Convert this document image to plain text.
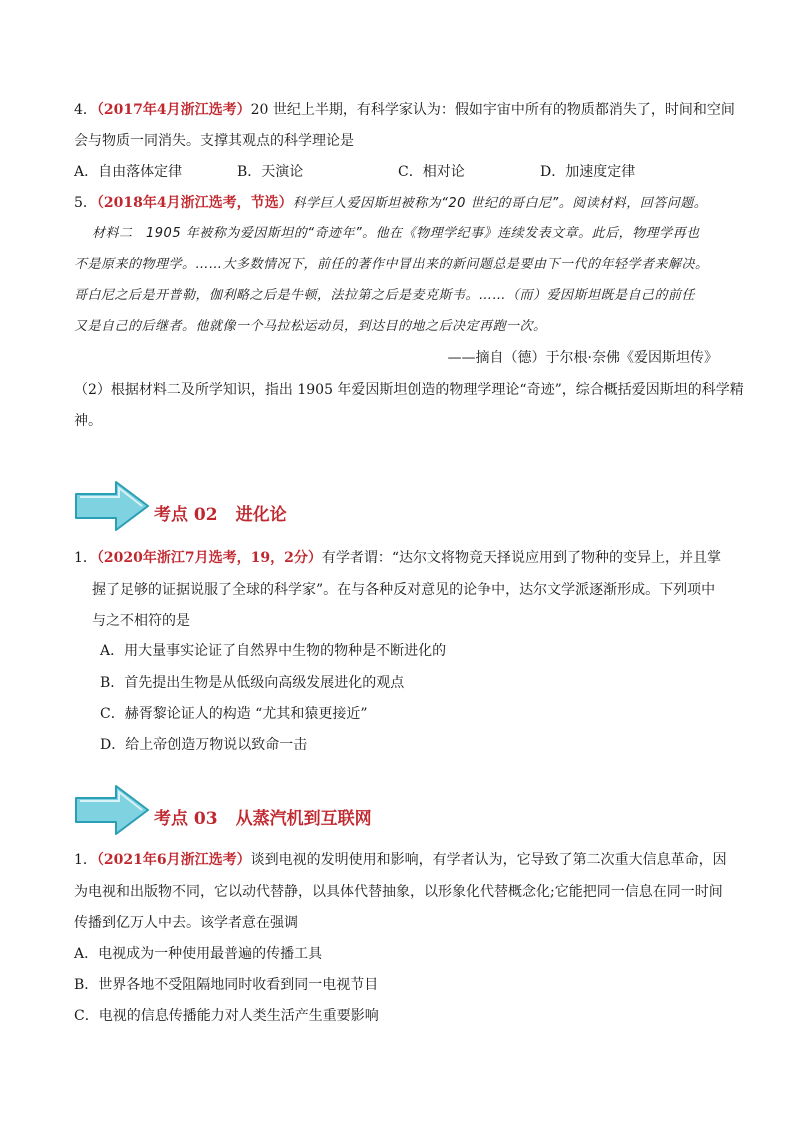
4．（2017年4月浙江选考）20 世纪上半期，有科学家认为：假如宇宙中所有的物质都消失了，时间和空间
会与物质一同消失。支撑其观点的科学理论是
A．自由落体定律	B．天演论	C．相对论	D．加速度定律
5．（2018年4月浙江选考，节选）科学巨人爱因斯坦被称为“20 世纪的哥白尼”。阅读材料，回答问题。
材料二　1905 年被称为爱因斯坦的“奇迹年”。他在《物理学纪事》连续发表文章。此后，物理学再也
不是原来的物理学。……大多数情况下，前任的著作中冒出来的新问题总是要由下一代的年轻学者来解决。
哥白尼之后是开普勒，伽利略之后是牛顿，法拉第之后是麦克斯韦。……（而）爱因斯坦既是自己的前任
又是自己的后继者。他就像一个马拉松运动员，到达目的地之后决定再跑一次。
——摘自（德）于尔根·奈佛《爱因斯坦传》
（2）根据材料二及所学知识，指出 1905 年爱因斯坦创造的物理学理论“奇迹”，综合概括爱因斯坦的科学精
神。
考点 02 进化论
1．（2020年浙江7月选考，19，2分）有学者谓：“达尔文将物竞天择说应用到了物种的变异上，并且掌
握了足够的证据说服了全球的科学家”。在与各种反对意见的论争中，达尔文学派逐渐形成。下列项中
与之不相符的是
A．用大量事实论证了自然界中生物的物种是不断进化的
B．首先提出生物是从低级向高级发展进化的观点
C．赫胥黎论证人的构造 “尤其和猿更接近”
D．给上帝创造万物说以致命一击
考点 03 从蒸汽机到互联网
1．（2021年6月浙江选考）谈到电视的发明使用和影响，有学者认为，它导致了第二次重大信息革命，因
为电视和出版物不同，它以动代替静，以具体代替抽象，以形象化代替概念化;它能把同一信息在同一时间
传播到亿万人中去。该学者意在强调
A．电视成为一种使用最普遍的传播工具
B．世界各地不受阻隔地同时收看到同一电视节目
C．电视的信息传播能力对人类生活产生重要影响
